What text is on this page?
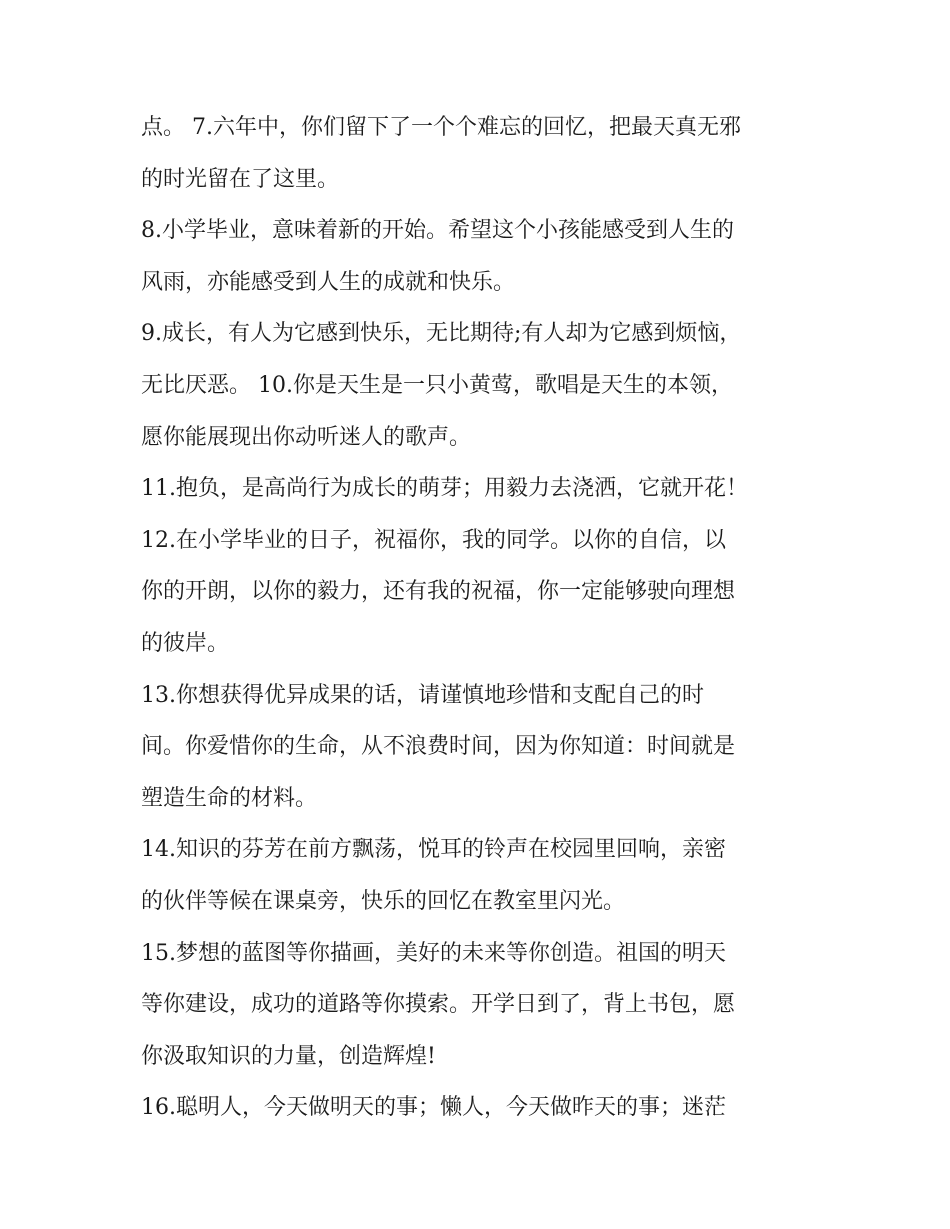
点。 7.六年中，你们留下了一个个难忘的回忆，把最天真无邪
的时光留在了这里。
8.小学毕业，意味着新的开始。希望这个小孩能感受到人生的
风雨，亦能感受到人生的成就和快乐。
9.成长，有人为它感到快乐，无比期待;有人却为它感到烦恼，
无比厌恶。 10.你是天生是一只小黄莺，歌唱是天生的本领，
愿你能展现出你动听迷人的歌声。
11.抱负，是高尚行为成长的萌芽；用毅力去浇洒，它就开花！
12.在小学毕业的日子，祝福你，我的同学。以你的自信，以
你的开朗，以你的毅力，还有我的祝福，你一定能够驶向理想
的彼岸。
13.你想获得优异成果的话，请谨慎地珍惜和支配自己的时
间。你爱惜你的生命，从不浪费时间，因为你知道：时间就是
塑造生命的材料。
14.知识的芬芳在前方飘荡，悦耳的铃声在校园里回响，亲密
的伙伴等候在课桌旁，快乐的回忆在教室里闪光。
15.梦想的蓝图等你描画，美好的未来等你创造。祖国的明天
等你建设，成功的道路等你摸索。开学日到了，背上书包，愿
你汲取知识的力量，创造辉煌!
16.聪明人，今天做明天的事；懒人，今天做昨天的事；迷茫
